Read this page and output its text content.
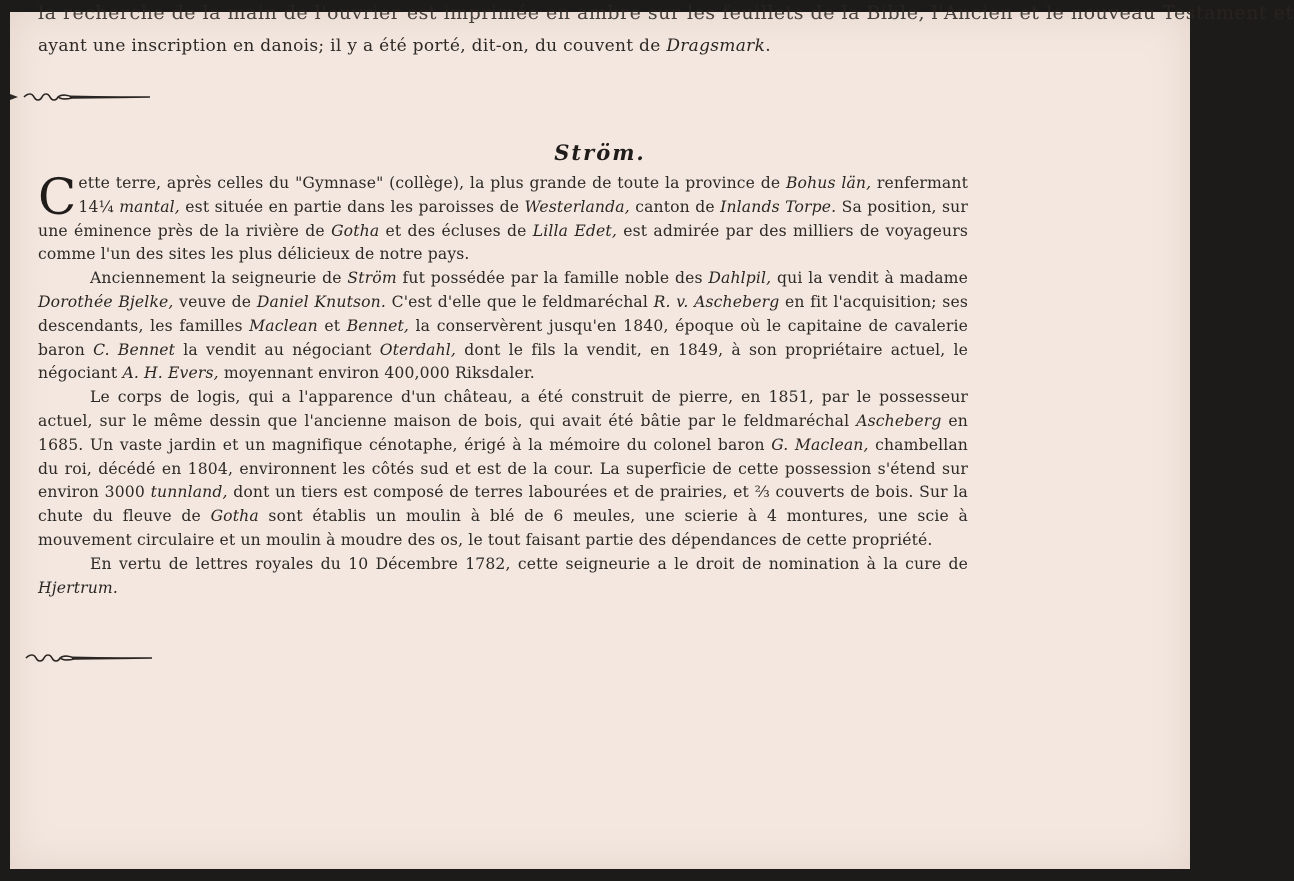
la recherche de la main de l'ouvrier est imprimée en ambre sur les feuillets de la Bible, l'Ancien et le nouveau Testament et
ayant une inscription en danois; il y a été porté, dit-on, du couvent de Dragsmark.
Ström.

Cette terre, après celles du "Gymnase" (collège), la plus grande de toute la province de Bohus län, renfermant 14¼ mantal, est située en partie dans les paroisses de Westerlanda, canton de Inlands Torpe. Sa position, sur une éminence près de la rivière de Gotha et des écluses de Lilla Edet, est admirée par des milliers de voyageurs comme l'un des sites les plus délicieux de notre pays.

Anciennement la seigneurie de Ström fut possédée par la famille noble des Dahlpil, qui la vendit à madame Dorothée Bjelke, veuve de Daniel Knutson. C'est d'elle que le feldmaréchal R. v. Ascheberg en fit l'acquisition; ses descendants, les familles Maclean et Bennet, la conservèrent jusqu'en 1840, époque où le capitaine de cavalerie baron C. Bennet la vendit au négociant Oterdahl, dont le fils la vendit, en 1849, à son propriétaire actuel, le négociant A. H. Evers, moyennant environ 400,000 Riksdaler.

Le corps de logis, qui a l'apparence d'un château, a été construit de pierre, en 1851, par le possesseur actuel, sur le même dessin que l'ancienne maison de bois, qui avait été bâtie par le feldmaréchal Ascheberg en 1685. Un vaste jardin et un magnifique cénotaphe, érigé à la mémoire du colonel baron G. Maclean, chambellan du roi, décédé en 1804, environnent les côtés sud et est de la cour. La superficie de cette possession s'étend sur environ 3000 tunnland, dont un tiers est composé de terres labourées et de prairies, et ⅔ couverts de bois. Sur la chute du fleuve de Gotha sont établis un moulin à blé de 6 meules, une scierie à 4 montures, une scie à mouvement circulaire et un moulin à moudre des os, le tout faisant partie des dépendances de cette propriété.

En vertu de lettres royales du 10 Décembre 1782, cette seigneurie a le droit de nomination à la cure de Hjertrum.
